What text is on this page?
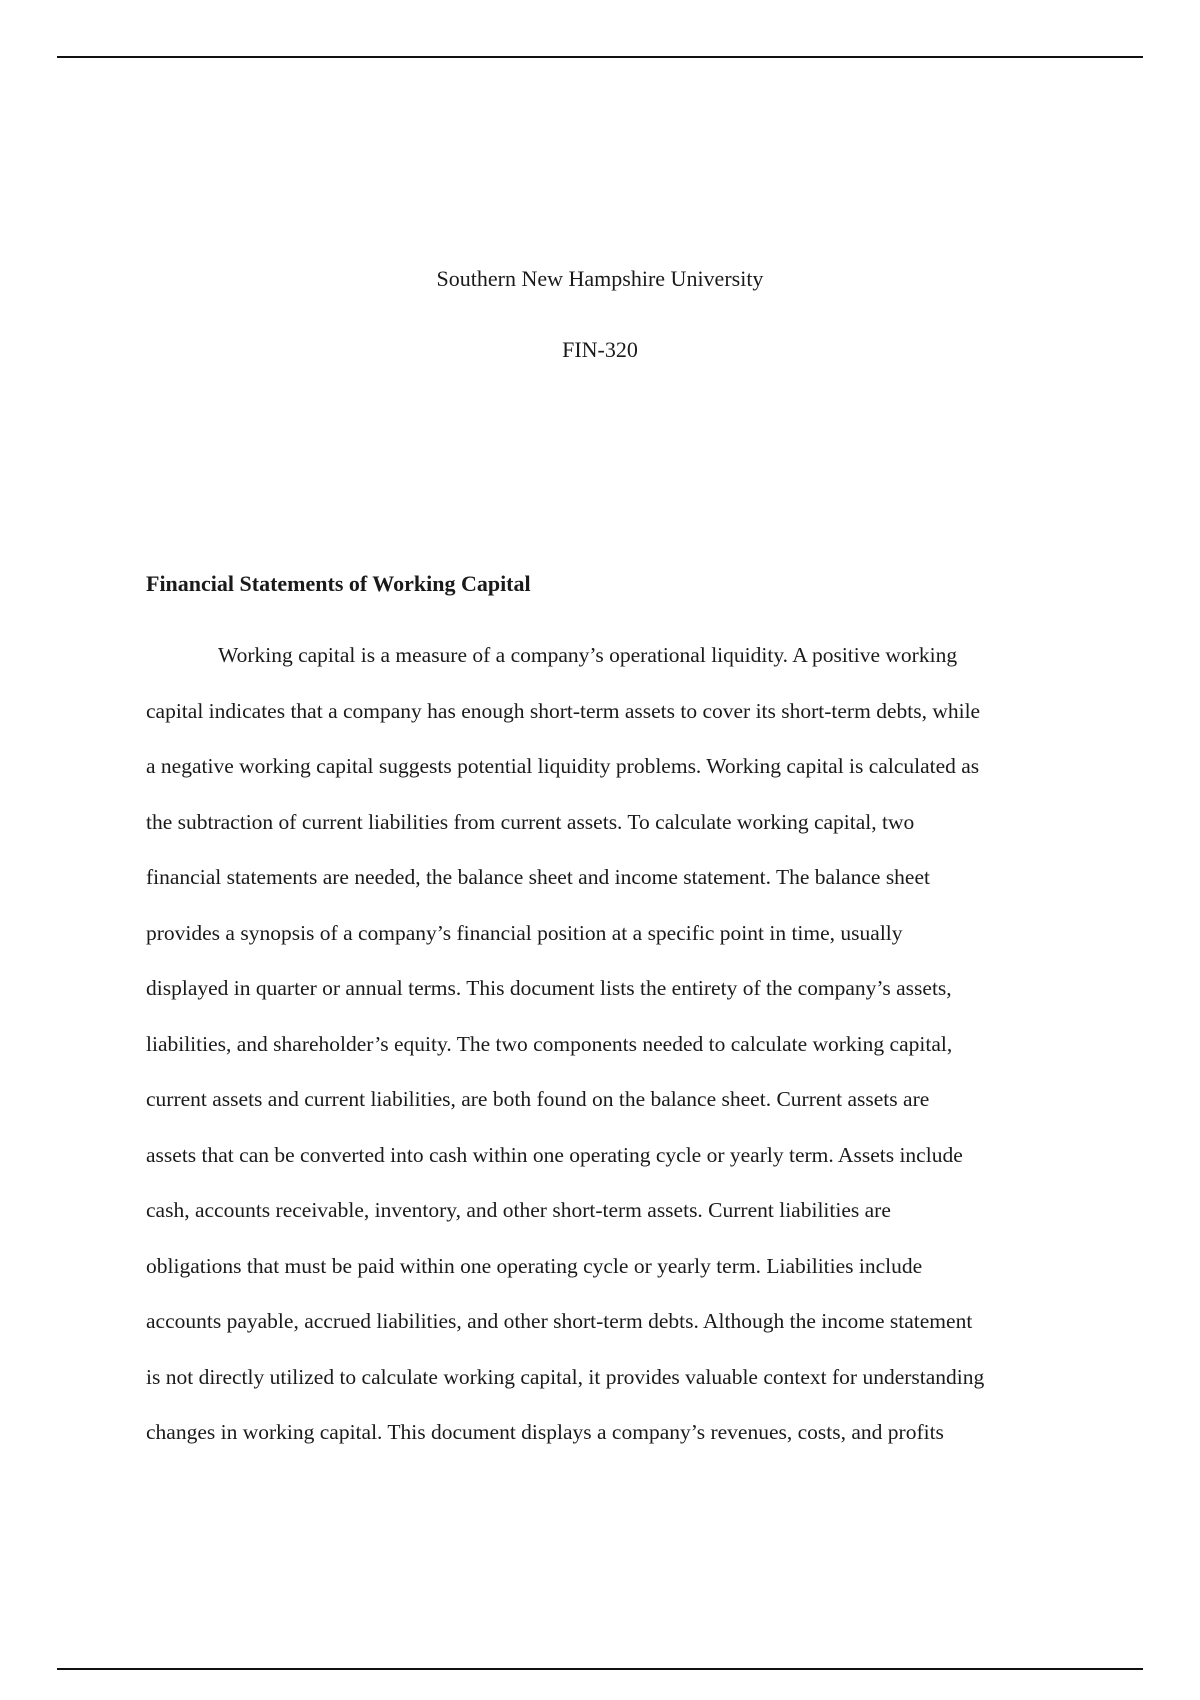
Southern New Hampshire University
FIN-320
Financial Statements of Working Capital
Working capital is a measure of a company’s operational liquidity. A positive working
capital indicates that a company has enough short-term assets to cover its short-term debts, while
a negative working capital suggests potential liquidity problems. Working capital is calculated as
the subtraction of current liabilities from current assets. To calculate working capital, two
financial statements are needed, the balance sheet and income statement. The balance sheet
provides a synopsis of a company’s financial position at a specific point in time, usually
displayed in quarter or annual terms. This document lists the entirety of the company’s assets,
liabilities, and shareholder’s equity. The two components needed to calculate working capital,
current assets and current liabilities, are both found on the balance sheet. Current assets are
assets that can be converted into cash within one operating cycle or yearly term. Assets include
cash, accounts receivable, inventory, and other short-term assets. Current liabilities are
obligations that must be paid within one operating cycle or yearly term. Liabilities include
accounts payable, accrued liabilities, and other short-term debts. Although the income statement
is not directly utilized to calculate working capital, it provides valuable context for understanding
changes in working capital. This document displays a company’s revenues, costs, and profits
